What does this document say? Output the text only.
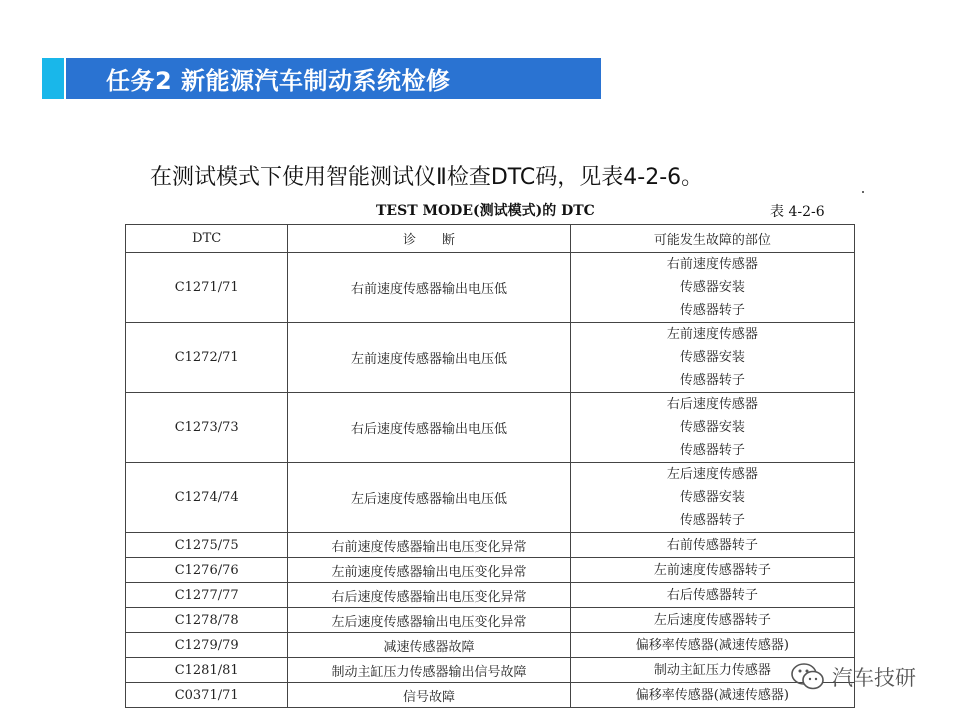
任务2 新能源汽车制动系统检修
在测试模式下使用智能测试仪Ⅱ检查DTC码，见表4-2-6。
TEST MODE(测试模式)的 DTC	表 4-2-6
DTC	诊　　断	可能发生故障的部位
C1271/71	右前速度传感器输出电压低	右前速度传感器
传感器安装
传感器转子

C1272/71	左前速度传感器输出电压低	左前速度传感器
传感器安装
传感器转子

C1273/73	右后速度传感器输出电压低	右后速度传感器
传感器安装
传感器转子

C1274/74	左后速度传感器输出电压低	左后速度传感器
传感器安装
传感器转子

C1275/75	右前速度传感器输出电压变化异常	右前传感器转子

C1276/76	左前速度传感器输出电压变化异常	左前速度传感器转子

C1277/77	右后速度传感器输出电压变化异常	右后传感器转子

C1278/78	左后速度传感器输出电压变化异常	左后速度传感器转子

C1279/79	减速传感器故障	偏移率传感器(减速传感器)

C1281/81	制动主缸压力传感器输出信号故障	制动主缸压力传感器

C0371/71	信号故障	偏移率传感器(减速传感器)
汽车技研
